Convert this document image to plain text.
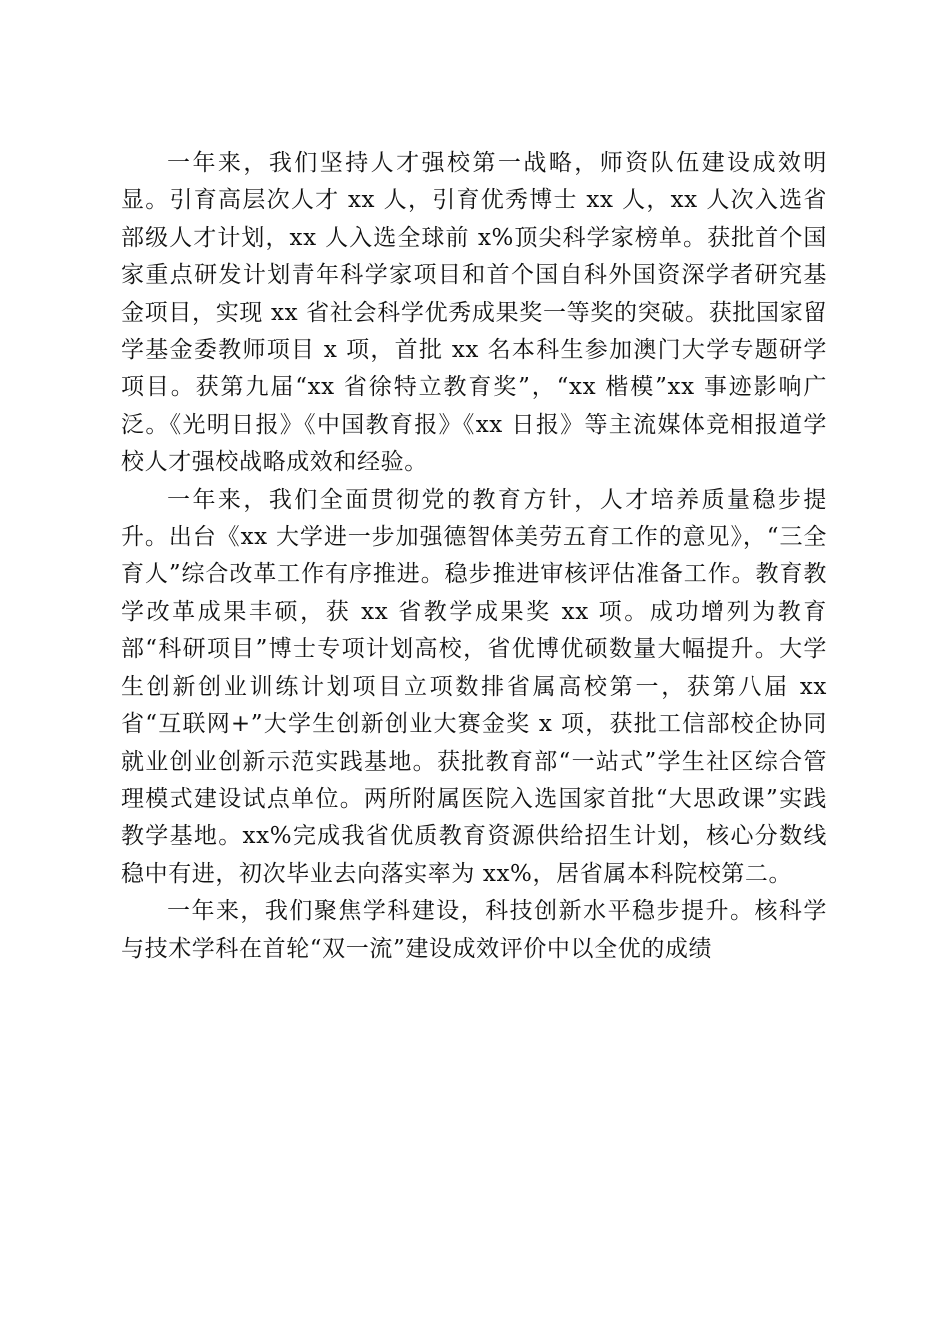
一年来，我们坚持人才强校第一战略，师资队伍建设成效明显。引育高层次人才 xx 人，引育优秀博士 xx 人，xx 人次入选省部级人才计划，xx 人入选全球前 x%顶尖科学家榜单。获批首个国家重点研发计划青年科学家项目和首个国自科外国资深学者研究基金项目，实现 xx 省社会科学优秀成果奖一等奖的突破。获批国家留学基金委教师项目 x 项，首批 xx 名本科生参加澳门大学专题研学项目。获第九届“xx 省徐特立教育奖”，“xx 楷模”xx 事迹影响广泛。《光明日报》《中国教育报》《xx 日报》等主流媒体竞相报道学校人才强校战略成效和经验。

一年来，我们全面贯彻党的教育方针，人才培养质量稳步提升。出台《xx 大学进一步加强德智体美劳五育工作的意见》，“三全育人”综合改革工作有序推进。稳步推进审核评估准备工作。教育教学改革成果丰硕，获 xx 省教学成果奖 xx 项。成功增列为教育部“科研项目”博士专项计划高校，省优博优硕数量大幅提升。大学生创新创业训练计划项目立项数排省属高校第一，获第八届 xx 省“互联网+”大学生创新创业大赛金奖 x 项，获批工信部校企协同就业创业创新示范实践基地。获批教育部“一站式”学生社区综合管理模式建设试点单位。两所附属医院入选国家首批“大思政课”实践教学基地。xx%完成我省优质教育资源供给招生计划，核心分数线稳中有进，初次毕业去向落实率为 xx%，居省属本科院校第二。

一年来，我们聚焦学科建设，科技创新水平稳步提升。核科学与技术学科在首轮“双一流”建设成效评价中以全优的成绩
